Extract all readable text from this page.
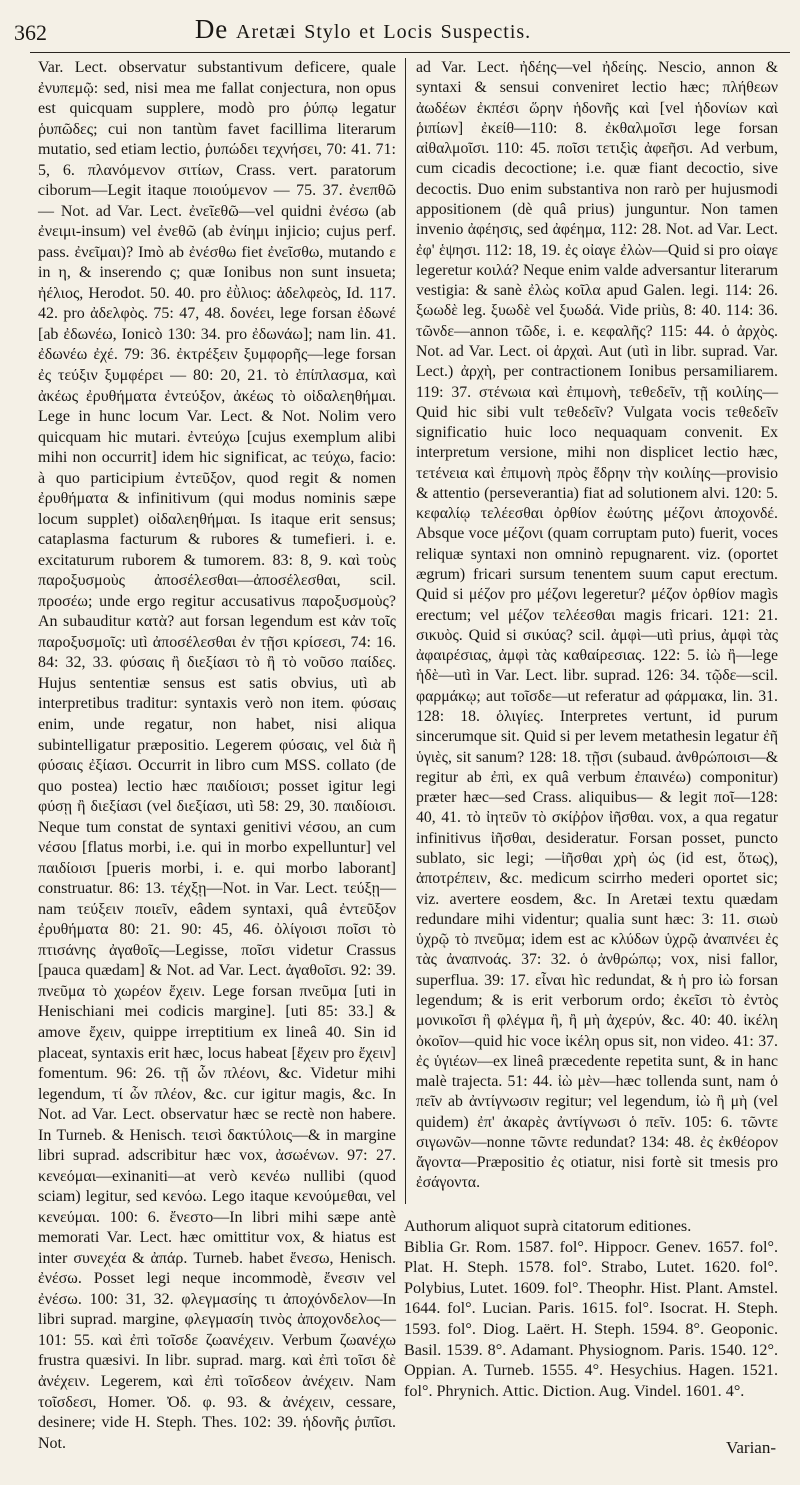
362	De Aretæi Stylo et Locis Suspectis.

Var. Lect. observatur substantivum deficere, quale ἐνυπεμῷ: sed, nisi mea me fallat conjectura, non opus est quicquam supplere, modò pro ῥύπῳ legatur ῥυπῶδες; cui non tantùm favet facillima literarum mutatio, sed etiam lectio, ῥυπώδει τεχνήσει, 70: 41. 71: 5, 6. πλανόμενον σιτίων, Crass. vert. paratorum ciborum—Legit itaque ποιούμενον — 75. 37. ἐνεπθῶ — Not. ad Var. Lect. ἐνεῖεθῶ—vel quidni ἐνέσω (ab ἐνειμι-insum) vel ἐνεθῶ (ab ἐνίημι injicio; cujus perf. pass. ἐνεῖμαι)? Imò ab ἐνέσθω fiet ἐνεῖσθω, mutando ε in η, & inserendo ς; quæ Ionibus non sunt insueta; ἠέλιος, Herodot. 50. 40. pro ἐῢλιος: ἀδελφεὸς, Id. 117. 42. pro ἀδελφὸς. 75: 47, 48. δονέει, lege forsan ἐδωνέ [ab ἐδωνέω, Ionicò 130: 34. pro ἐδωνάω]; nam lin. 41. ἐδωνέω ἐχέ. 79: 36. ἐκτρέξειν ξυμφορῆς—lege forsan ἐς τεύξιν ξυμφέρει — 80: 20, 21. τὸ ἐπίπλασμα, καὶ ἀκέως ἐρυθήματα ἐντεύξον, ἀκέως τὸ οἰδαλεηθήμαι. Lege in hunc locum Var. Lect. & Not. Nolim vero quicquam hic mutari. ἐντεύχω [cujus exemplum alibi mihi non occurrit] idem hic significat, ac τεύχω, facio: à quo participium ἐντεῦξον, quod regit & nomen ἐρυθήματα & infinitivum (qui modus nominis sæpe locum supplet) οἰδαλεηθήμαι. Is itaque erit sensus; cataplasma facturum & rubores & tumefieri. i. e. excitaturum ruborem & tumorem. 83: 8, 9. καὶ τοὺς παροξυσμοὺς ἀποσέλεσθαι—ἀποσέλεσθαι, scil. προσέω; unde ergo regitur accusativus παροξυσμοὺς? An subauditur κατὰ? aut forsan legendum est κἀν τοῖς παροξυσμοῖς: utì ἀποσέλεσθαι ἐν τῇσι κρίσεσι, 74: 16. 84: 32, 33. φύσαις ἢ διεξίασι τὸ ἢ τὸ νοῦσο παίδες. Hujus sententiæ sensus est satis obvius, utì ab interpretibus traditur: syntaxis verò non item. φύσαις enim, unde regatur, non habet, nisi aliqua subintelligatur præpositio. Legerem φύσαις, vel διὰ ἢ φύσαις ἐξίασι. Occurrit in libro cum MSS. collato (de quo postea) lectio hæc παιδίοισι; posset igitur legi φύσῃ ἢ διεξίασι (vel διεξίασι, utì 58: 29, 30. παιδίοισι. Neque tum constat de syntaxi genitivi νέσου, an cum νέσου [flatus morbi, i.e. qui in morbo expelluntur] vel παιδίοισι [pueris morbi, i. e. qui morbo laborant] construatur. 86: 13. τέχξῃ—Not. in Var. Lect. τεύξῃ—nam τεύξειν ποιεῖν, eâdem syntaxi, quâ ἐντεῦξον ἐρυθήματα 80: 21. 90: 45, 46. ὀλίγοισι ποῖσι τὸ πτισάνης ἀγαθοῖς—Legisse, ποῖσι videtur Crassus [pauca quædam] & Not. ad Var. Lect. ἀγαθοῖσι. 92: 39. πνεῦμα τὸ χωρέον ἔχειν. Lege forsan πνεῦμα [uti in Henischiani mei codicis margine]. [uti 85: 33.] & amove ἔχειν, quippe irreptitium ex lineâ 40. Sin id placeat, syntaxis erit hæc, locus habeat [ἔχειν pro ἔχειν] fomentum. 96: 26. τῇ ὧν πλέονι, &c. Videtur mihi legendum, τί ὧν πλέον, &c. cur igitur magis, &c. In Not. ad Var. Lect. observatur hæc se rectè non habere. In Turneb. & Henisch. τεισὶ δακτύλοις—& in margine libri suprad. adscribitur hæc vox, ἀσωένων. 97: 27. κενεόμαι—exinaniti—at verò κενέω nullibi (quod sciam) legitur, sed κενόω. Lego itaque κενούμεθαι, vel κενεύμαι. 100: 6. ἔνεστο—In libri mihi sæpe antè memorati Var. Lect. hæc omittitur vox, & hiatus est inter συνεχέα & ἀπάρ. Turneb. habet ἔνεσω, Henisch. ἐνέσω. Posset legi neque incommodè, ἔνεσιν vel ἐνέσω. 100: 31, 32. φλεγμασίης τι ἀποχόνδελον—In libri suprad. margine, φλεγμασίη τινὸς ἀποχονδελος—101: 55. καὶ ἐπὶ τοῖσδε ζωανέχειν. Verbum ζωανέχω frustra quæsivi. In libr. suprad. marg. καὶ ἐπὶ τοῖσι δὲ ἀνέχειν. Legerem, καὶ ἐπὶ τοῖσδεον ἀνέχειν. Nam τοῖσδεσι, Homer. Ὀδ. φ. 93. & ἀνέχειν, cessare, desinere; vide H. Steph. Thes. 102: 39. ἡδονῆς ῥιπῖσι. Not.

ad Var. Lect. ἠδέης—vel ἠδείης. Nescio, annon & syntaxi & sensui conveniret lectio hæc; πλήθεων ἀωδέων ἐκπέσι ὥρην ἡδονῆς καὶ [vel ἡδονίων καὶ ῥιπίων] ἐκείθ—110: 8. ἐκθαλμοῖσι lege forsan αἰθαλμοῖσι. 110: 45. ποῖσι τετιξὶς ἀφεῆσι. Ad verbum, cum cicadis decoctione; i.e. quæ fiant decoctio, sive decoctis. Duo enim substantiva non rarò per hujusmodi appositionem (dè quâ prius) junguntur. Non tamen invenio ἀφέησις, sed ἀφέημα, 112: 28. Not. ad Var. Lect. ἐφ' ἑψησι. 112: 18, 19. ἐς οἰαγε ἐλὼν—Quid si pro οἰαγε legeretur κοιλά? Neque enim valde adversantur literarum vestigia: & sanè ἐλὼς κοῖλα apud Galen. legi. 114: 26. ξωωδὲ leg. ξυωδὲ vel ξυωδά. Vide priùs, 8: 40. 114: 36. τῶνδε—annon τῶδε, i. e. κεφαλῆς? 115: 44. ὁ ἀρχὸς. Not. ad Var. Lect. οἱ ἀρχαὶ. Aut (utì in libr. suprad. Var. Lect.) ἀρχὴ, per contractionem Ionibus persamiliarem. 119: 37. στένωια καὶ ἐπιμονὴ, τεθεδεῖν, τῇ κοιλίης—Quid hic sibi vult τεθεδεῖν? Vulgata vocis τεθεδεῖν significatio huic loco nequaquam convenit. Ex interpretum versione, mihi non displicet lectio hæc, τετένεια καὶ ἐπιμονὴ πρὸς ἔδρην τὴν κοιλίης—provisio & attentio (perseverantia) fiat ad solutionem alvi. 120: 5. κεφαλίῳ τελέεσθαι ὀρθίον ἐωύτης μέζονι ἀποχονδέ. Absque voce μέζονι (quam corruptam puto) fuerit, voces reliquæ syntaxi non omninò repugnarent. viz. (oportet ægrum) fricari sursum tenentem suum caput erectum. Quid si μέζον pro μέζονι legeretur? μέζον ὀρθίον magìs erectum; vel μέζον τελέεσθαι magis fricari. 121: 21. σικυὸς. Quid si σικύας? scil. ἀμφὶ—utì prius, ἀμφὶ τὰς ἀφαιρέσιας, ἀμφὶ τὰς καθαίρεσιας. 122: 5. ἰὼ ἢ—lege ἡδὲ—utì in Var. Lect. libr. suprad. 126: 34. τῷδε—scil. φαρμάκῳ; aut τοῖσδε—ut referatur ad φάρμακα, lin. 31. 128: 18. ὁλιγίες. Interpretes vertunt, id purum sincerumque sit. Quid si per levem metathesin legatur ἐῆ ὑγιὲς, sit sanum? 128: 18. τῇσι (subaud. ἀνθρώποισι—& regitur ab ἐπὶ, ex quâ verbum ἐπαινέω) componitur) præter hæc—sed Crass. aliquibus— & legit ποῖ—128: 40, 41. τὸ ἰητεῦν τὸ σκίῤῥον ἰῆσθαι. vox, a qua regatur infinitivus ἰῆσθαι, desideratur. Forsan posset, puncto sublato, sic legi; —ἰῆσθαι χρὴ ὡς (id est, ὅτως), ἀποτρέπειν, &c. medicum scirrho mederi oportet sic; viz. avertere eosdem, &c. In Aretæi textu quædam redundare mihi videntur; qualia sunt hæc: 3: 11. σιωὺ ὑχρῷ τὸ πνεῦμα; idem est ac κλύδων ὑχρῷ ἀναπνέει ἐς τὰς ἀναπνοάς. 37: 32. ὁ ἀνθρώπῳ; vox, nisi fallor, superflua. 39: 17. εἶναι hìc redundat, & ἡ pro ἰὼ forsan legendum; & is erit verborum ordo; ἐκεῖσι τὸ ἐντὸς μονικοῖσι ἢ φλέγμα ἢ, ἢ μὴ ἀχερύν, &c. 40: 40. ἰκέλη ὀκοῖον—quid hic voce ἰκέλη opus sit, non video. 41: 37. ἐς ὑγιέων—ex lineâ præcedente repetita sunt, & in hanc malè trajecta. 51: 44. ἰὼ μὲν—hæc tollenda sunt, nam ὁ πεῖν ab ἀντίγνωσιν regitur; vel legendum, ἰὼ ἢ μὴ (vel quidem) ἐπ' ἀκαρὲς ἀντίγνωσι ὁ πεῖν. 105: 6. τῶντε σιγωνῶν—nonne τῶντε redundat? 134: 48. ἐς ἐκθέορον ἄγοντα—Præpositio ἐς otiatur, nisi fortè sit tmesis pro ἐσάγοντα.

Authorum aliquot suprà citatorum editiones.

Biblia Gr. Rom. 1587. fol°. Hippocr. Genev. 1657. fol°. Plat. H. Steph. 1578. fol°. Strabo, Lutet. 1620. fol°. Polybius, Lutet. 1609. fol°. Theophr. Hist. Plant. Amstel. 1644. fol°. Lucian. Paris. 1615. fol°. Isocrat. H. Steph. 1593. fol°. Diog. Laërt. H. Steph. 1594. 8°. Geoponic. Basil. 1539. 8°. Adamant. Physiognom. Paris. 1540. 12°. Oppian. A. Turneb. 1555. 4°. Hesychius. Hagen. 1521. fol°. Phrynich. Attic. Diction. Aug. Vindel. 1601. 4°.

Varian-
